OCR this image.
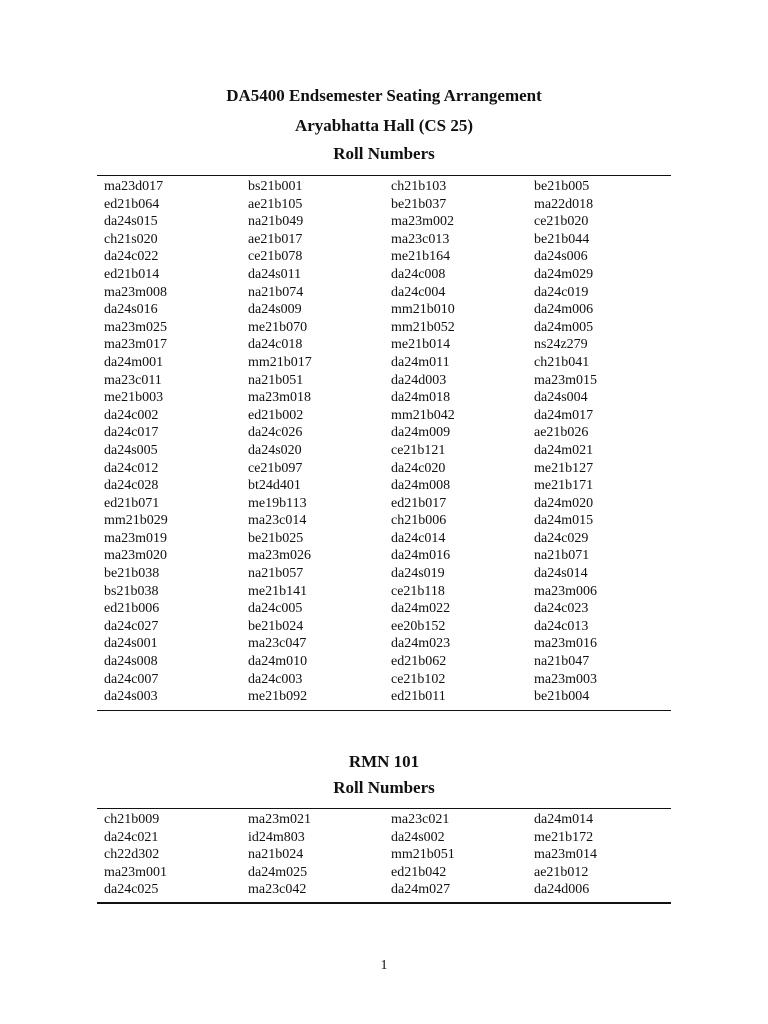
DA5400 Endsemester Seating Arrangement
Aryabhatta Hall (CS 25)
Roll Numbers
ma23d017	bs21b001	ch21b103	be21b005
ed21b064	ae21b105	be21b037	ma22d018
da24s015	na21b049	ma23m002	ce21b020
ch21s020	ae21b017	ma23c013	be21b044
da24c022	ce21b078	me21b164	da24s006
ed21b014	da24s011	da24c008	da24m029
ma23m008	na21b074	da24c004	da24c019
da24s016	da24s009	mm21b010	da24m006
ma23m025	me21b070	mm21b052	da24m005
ma23m017	da24c018	me21b014	ns24z279
da24m001	mm21b017	da24m011	ch21b041
ma23c011	na21b051	da24d003	ma23m015
me21b003	ma23m018	da24m018	da24s004
da24c002	ed21b002	mm21b042	da24m017
da24c017	da24c026	da24m009	ae21b026
da24s005	da24s020	ce21b121	da24m021
da24c012	ce21b097	da24c020	me21b127
da24c028	bt24d401	da24m008	me21b171
ed21b071	me19b113	ed21b017	da24m020
mm21b029	ma23c014	ch21b006	da24m015
ma23m019	be21b025	da24c014	da24c029
ma23m020	ma23m026	da24m016	na21b071
be21b038	na21b057	da24s019	da24s014
bs21b038	me21b141	ce21b118	ma23m006
ed21b006	da24c005	da24m022	da24c023
da24c027	be21b024	ee20b152	da24c013
da24s001	ma23c047	da24m023	ma23m016
da24s008	da24m010	ed21b062	na21b047
da24c007	da24c003	ce21b102	ma23m003
da24s003	me21b092	ed21b011	be21b004
RMN 101
Roll Numbers
ch21b009	ma23m021	ma23c021	da24m014
da24c021	id24m803	da24s002	me21b172
ch22d302	na21b024	mm21b051	ma23m014
ma23m001	da24m025	ed21b042	ae21b012
da24c025	ma23c042	da24m027	da24d006
1
